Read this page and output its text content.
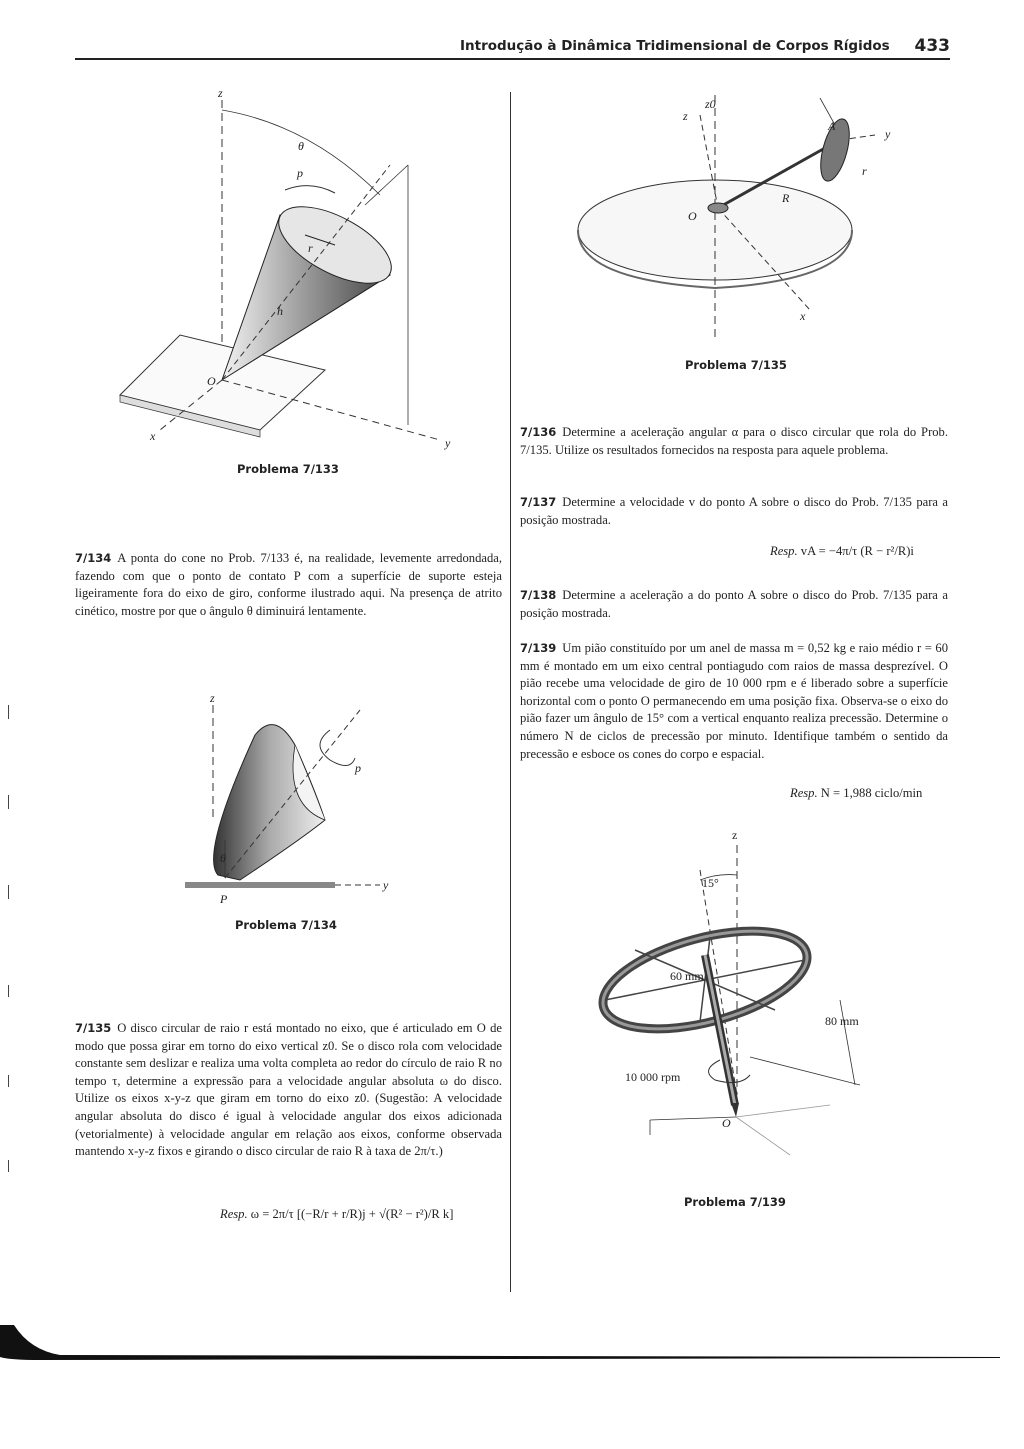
Introdução à Dinâmica Tridimensional de Corpos Rígidos 433
z
θ
p
r
h
O
x	y
Problema 7/133
7/134 A ponta do cone no Prob. 7/133 é, na realidade, levemente arredondada, fazendo com que o ponto de contato P com a superfície de suporte esteja ligeiramente fora do eixo de giro, conforme ilustrado aqui. Na presença de atrito cinético, mostre por que o ângulo θ diminuirá lentamente.
z
p
θ
P
y
Problema 7/134
7/135 O disco circular de raio r está montado no eixo, que é articulado em O de modo que possa girar em torno do eixo vertical z0. Se o disco rola com velocidade constante sem deslizar e realiza uma volta completa ao redor do círculo de raio R no tempo τ, determine a expressão para a velocidade angular absoluta ω do disco. Utilize os eixos x-y-z que giram em torno do eixo z0. (Sugestão: A velocidade angular absoluta do disco é igual à velocidade angular dos eixos adicionada (vetorialmente) à velocidade angular em relação aos eixos, conforme observada mantendo x-y-z fixos e girando o disco circular de raio R à taxa de 2π/τ.)
Resp. ω = 2π/τ [(−R/r + r/R)j + √(R² − r²)/R k]
z0
z
A
y
r
R
O
x
Problema 7/135
7/136 Determine a aceleração angular α para o disco circular que rola do Prob. 7/135. Utilize os resultados fornecidos na resposta para aquele problema.
7/137 Determine a velocidade v do ponto A sobre o disco do Prob. 7/135 para a posição mostrada.
Resp. vA = −4π/τ (R − r²/R)i
7/138 Determine a aceleração a do ponto A sobre o disco do Prob. 7/135 para a posição mostrada.
7/139 Um pião constituído por um anel de massa m = 0,52 kg e raio médio r = 60 mm é montado em um eixo central pontiagudo com raios de massa desprezível. O pião recebe uma velocidade de giro de 10 000 rpm e é liberado sobre a superfície horizontal com o ponto O permanecendo em uma posição fixa. Observa-se o eixo do pião fazer um ângulo de 15° com a vertical enquanto realiza precessão. Determine o número N de ciclos de precessão por minuto. Identifique também o sentido da precessão e esboce os cones do corpo e espacial.
Resp. N = 1,988 ciclo/min
z
15°
60 mm
80 mm
10 000 rpm
O
Problema 7/139
